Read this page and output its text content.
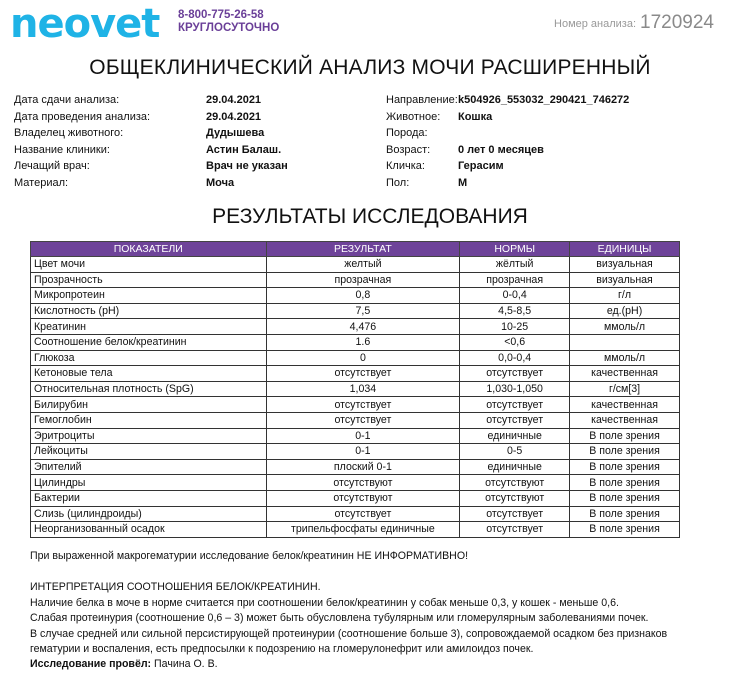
neovet 8-800-775-26-58
КРУГЛОСУТОЧНО	Номер анализа: 1720924
ОБЩЕКЛИНИЧЕСКИЙ АНАЛИЗ МОЧИ РАСШИРЕННЫЙ
Дата сдачи анализа:	29.04.2021
Дата проведения анализа:	29.04.2021
Владелец животного:	Дудышева
Название клиники:	Астин Балаш.
Лечащий врач:	Врач не указан
Материал:	Моча
Направление: k504926_553032_290421_746272
Животное:	Кошка
Порода:
Возраст:	0 лет 0 месяцев
Кличка:	Герасим
Пол:	М
РЕЗУЛЬТАТЫ ИССЛЕДОВАНИЯ
ПОКАЗАТЕЛИ	РЕЗУЛЬТАТ	НОРМЫ	ЕДИНИЦЫ
Цвет мочи	желтый	жёлтый	визуальная
Прозрачность	прозрачная	прозрачная	визуальная
Микропротеин	0,8	0-0,4	г/л
Кислотность (рН)	7,5	4,5-8,5	ед.(рН)
Креатинин	4,476	10-25	ммоль/л
Соотношение белок/креатинин	1.6	<0,6	
Глюкоза	0	0,0-0,4	ммоль/л
Кетоновые тела	отсутствует	отсутствует	качественная
Относительная плотность (SpG)	1,034	1,030-1,050	г/см[3]
Билирубин	отсутствует	отсутствует	качественная
Гемоглобин	отсутствует	отсутствует	качественная
Эритроциты	0-1	единичные	В поле зрения
Лейкоциты	0-1	0-5	В поле зрения
Эпителий	плоский 0-1	единичные	В поле зрения
Цилиндры	отсутствуют	отсутствуют	В поле зрения
Бактерии	отсутствуют	отсутствуют	В поле зрения
Слизь (цилиндроиды)	отсутствует	отсутствует	В поле зрения
Неорганизованный осадок	трипельфосфаты единичные	отсутствует	В поле зрения
При выраженной макрогематурии исследование белок/креатинин НЕ ИНФОРМАТИВНО!
ИНТЕРПРЕТАЦИЯ СООТНОШЕНИЯ БЕЛОК/КРЕАТИНИН.
Наличие белка в моче в норме считается при соотношении белок/креатинин у собак меньше 0,3, у кошек - меньше 0,6.
Слабая протеинурия (соотношение 0,6 – 3) может быть обусловлена тубулярным или гломерулярным заболеваниями почек.
В случае средней или сильной персистирующей протеинурии (соотношение больше 3), сопровождаемой осадком без признаков
гематурии и воспаления, есть предпосылки к подозрению на гломерулонефрит или амилоидоз почек.
Исследование провёл: Пачина О. В.
